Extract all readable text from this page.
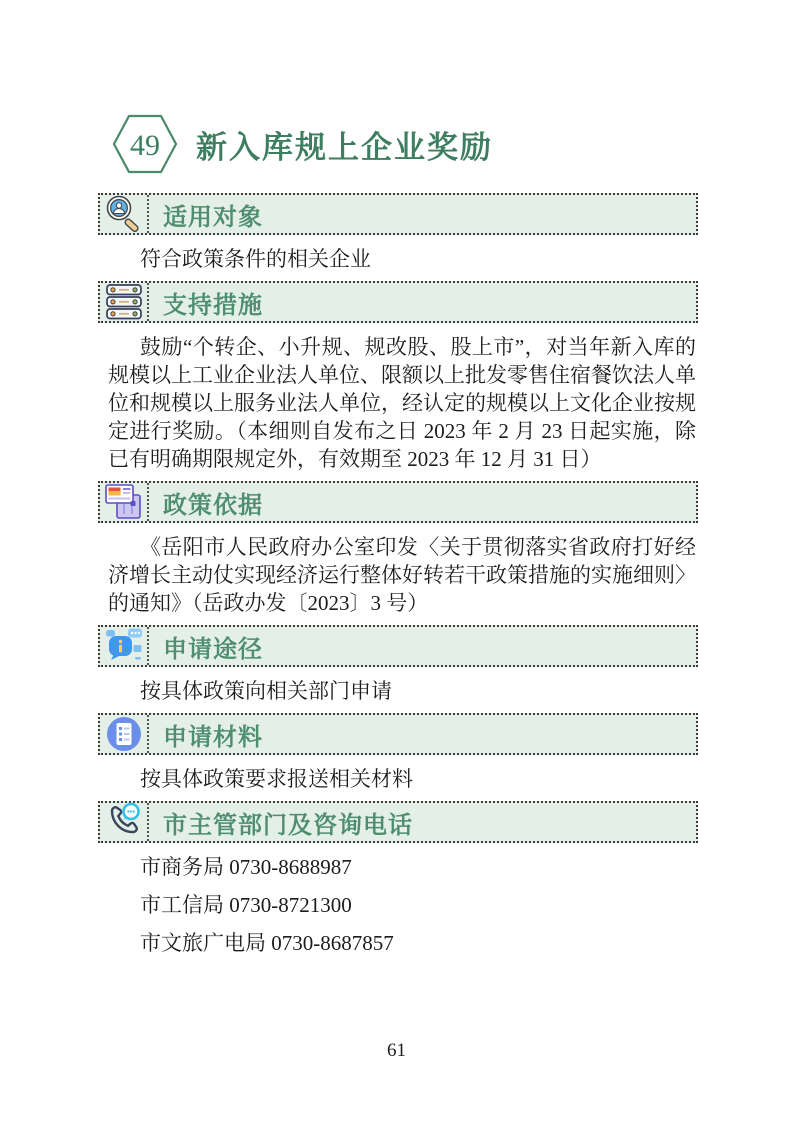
49 新入库规上企业奖励
适用对象

符合政策条件的相关企业

支持措施

鼓励“个转企、小升规、规改股、股上市”，对当年新入库的规模以上工业企业法人单位、限额以上批发零售住宿餐饮法人单位和规模以上服务业法人单位，经认定的规模以上文化企业按规定进行奖励。（本细则自发布之日 2023 年 2 月 23 日起实施，除已有明确期限规定外，有效期至 2023 年 12 月 31 日）

政策依据

《岳阳市人民政府办公室印发〈关于贯彻落实省政府打好经济增长主动仗实现经济运行整体好转若干政策措施的实施细则〉的通知》（岳政办发〔2023〕3 号）

申请途径

按具体政策向相关部门申请

申请材料

按具体政策要求报送相关材料

市主管部门及咨询电话

市商务局 0730-8688987

市工信局 0730-8721300

市文旅广电局 0730-8687857

61
